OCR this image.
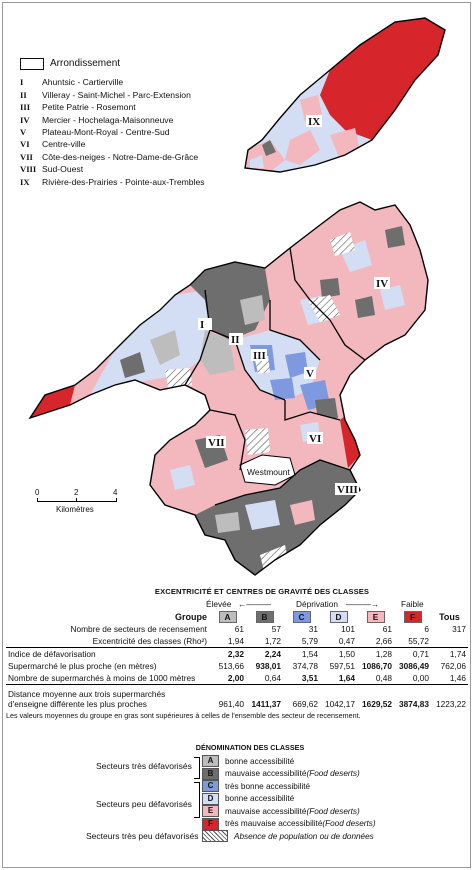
Arrondissement
I	Ahuntsic - Cartierville
II	Villeray - Saint-Michel - Parc-Extension
III	Petite Patrie - Rosemont
IV	Mercier - Hochelaga-Maisonneuve
V	Plateau-Mont-Royal - Centre-Sud
VI	Centre-ville
VII	Côte-des-neiges - Notre-Dame-de-Grâce
VIII Sud-Ouest
IX	Rivière-des-Prairies - Pointe-aux-Trembles
I
II
III
IV
V
VI
VII
VIII
IX
Westmount
0	2	4
Kilomètres
EXCENTRICITÉ ET CENTRES DE GRAVITÉ DES CLASSES
Élevée ←———	Déprivation ———→	Faible
Groupe	A	B	C	D	E	F	Tous
Nombre de secteurs de recensement	61	57	31	101	61	6	317
Excentricité des classes (Rho²)	1,94	1,72	5,79	0,47	2,66	55,72	
Indice de défavorisation	2,32	2,24	1,54	1,50	1,28	0,71	1,74
Supermarché le plus proche (en mètres)	513,66	938,01	374,78	597,51	1086,70	3086,49	762,06
Nombre de supermarchés à moins de 1000 mètres	2,00	0,64	3,51	1,64	0,48	0,00	1,46

Distance moyenne aux trois supermarchés
d'enseigne différente les plus proches	961,40	1411,37	669,62	1042,17	1629,52	3874,83	1223,22
Les valeurs moyennes du groupe en gras sont supérieures à celles de l'ensemble des secteur de recensement.
DÉNOMINATION DES CLASSES
A	bonne accessibilité
B	mauvaise accessibilité (Food deserts)
C	très bonne accessibilité
D	bonne accessibilité
E	mauvaise accessibilité (Food deserts)
F	très mauvaise accessibilité (Food deserts)
Absence de population ou de données
Secteurs très défavorisés
Secteurs peu défavorisés
Secteurs très peu défavorisés
